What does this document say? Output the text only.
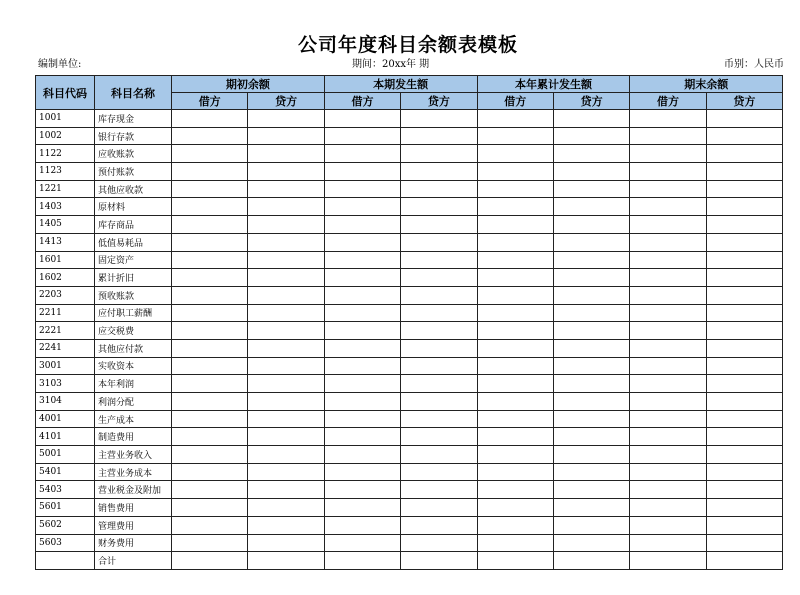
公司年度科目余额表模板
编制单位:	期间：20xx年 期	币别：人民币
科目代码	科目名称	期初余额		本期发生额		本年累计发生额		期末余额	
		借方	贷方	借方	贷方	借方	贷方	借方	贷方
1001	库存现金								
1002	银行存款								
1122	应收账款								
1123	预付账款								
1221	其他应收款								
1403	原材料								
1405	库存商品								
1413	低值易耗品								
1601	固定资产								
1602	累计折旧								
2203	预收账款								
2211	应付职工薪酬								
2221	应交税费								
2241	其他应付款								
3001	实收资本								
3103	本年利润								
3104	利润分配								
4001	生产成本								
4101	制造费用								
5001	主营业务收入								
5401	主营业务成本								
5403	营业税金及附加								
5601	销售费用								
5602	管理费用								
5603	财务费用								
	合计								
